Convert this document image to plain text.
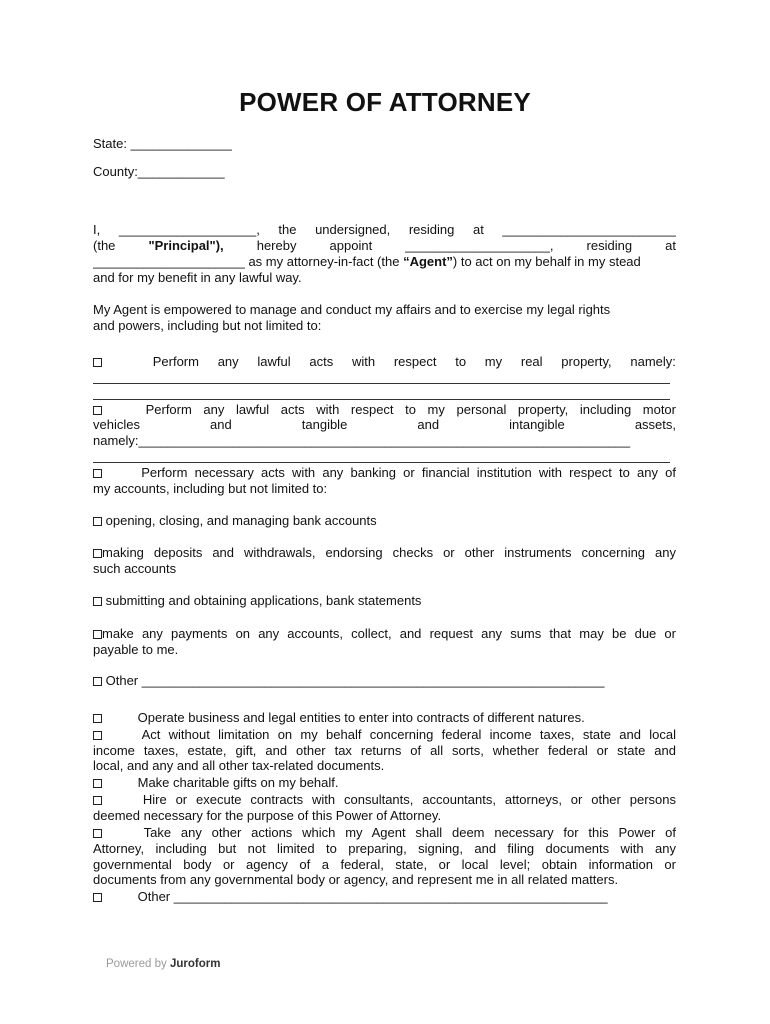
POWER OF ATTORNEY
State: ______________
County:____________
I, ___________________, the undersigned, residing at ________________________
(the	"Principal"),	hereby	appoint	____________________,	residing	at
_____________________ as my attorney-in-fact (the “Agent”) to act on my behalf in my stead
and for my benefit in any lawful way.
My Agent is empowered to manage and conduct my affairs and to exercise my legal rights
and powers, including but not limited to:
Perform any lawful acts with respect to my real property, namely:
Perform any lawful acts with respect to my personal property, including motor
vehicles	and	tangible	and	intangible	assets,
namely:____________________________________________________________________
Perform necessary acts with any banking or financial institution with respect to any of
my accounts, including but not limited to:
opening, closing, and managing bank accounts
making deposits and withdrawals, endorsing checks or other instruments concerning any
such accounts
submitting and obtaining applications, bank statements
make any payments on any accounts, collect, and request any sums that may be due or
payable to me.
Other ________________________________________________________________
Operate business and legal entities to enter into contracts of different natures.
Act without limitation on my behalf concerning federal income taxes, state and local
income taxes, estate, gift, and other tax returns of all sorts, whether federal or state and
local, and any and all other tax-related documents.
Make charitable gifts on my behalf.
Hire or execute contracts with consultants, accountants, attorneys, or other persons
deemed necessary for the purpose of this Power of Attorney.
Take any other actions which my Agent shall deem necessary for this Power of
Attorney, including but not limited to preparing, signing, and filing documents with any
governmental body or agency of a federal, state, or local level; obtain information or
documents from any governmental body or agency, and represent me in all related matters.
Other ____________________________________________________________
Powered by Juroform
